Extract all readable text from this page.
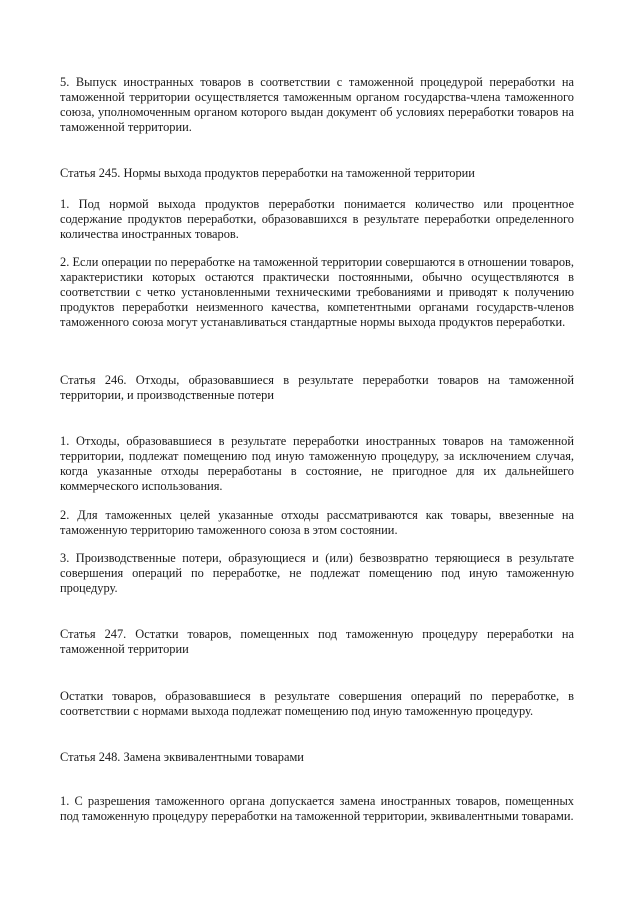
5. Выпуск иностранных товаров в соответствии с таможенной процедурой переработки на таможенной территории осуществляется таможенным органом государства-члена таможенного союза, уполномоченным органом которого выдан документ об условиях переработки товаров на таможенной территории.

Статья 245. Нормы выхода продуктов переработки на таможенной территории

1. Под нормой выхода продуктов переработки понимается количество или процентное содержание продуктов переработки, образовавшихся в результате переработки определенного количества иностранных товаров.

2. Если операции по переработке на таможенной территории совершаются в отношении товаров, характеристики которых остаются практически постоянными, обычно осуществляются в соответствии с четко установленными техническими требованиями и приводят к получению продуктов переработки неизменного качества, компетентными органами государств-членов таможенного союза могут устанавливаться стандартные нормы выхода продуктов переработки.

Статья 246. Отходы, образовавшиеся в результате переработки товаров на таможенной территории, и производственные потери

1. Отходы, образовавшиеся в результате переработки иностранных товаров на таможенной территории, подлежат помещению под иную таможенную процедуру, за исключением случая, когда указанные отходы переработаны в состояние, не пригодное для их дальнейшего коммерческого использования.

2. Для таможенных целей указанные отходы рассматриваются как товары, ввезенные на таможенную территорию таможенного союза в этом состоянии.

3. Производственные потери, образующиеся и (или) безвозвратно теряющиеся в результате совершения операций по переработке, не подлежат помещению под иную таможенную процедуру.

Статья 247. Остатки товаров, помещенных под таможенную процедуру переработки на таможенной территории

Остатки товаров, образовавшиеся в результате совершения операций по переработке, в соответствии с нормами выхода подлежат помещению под иную таможенную процедуру.

Статья 248. Замена эквивалентными товарами

1. С разрешения таможенного органа допускается замена иностранных товаров, помещенных под таможенную процедуру переработки на таможенной территории, эквивалентными товарами.
